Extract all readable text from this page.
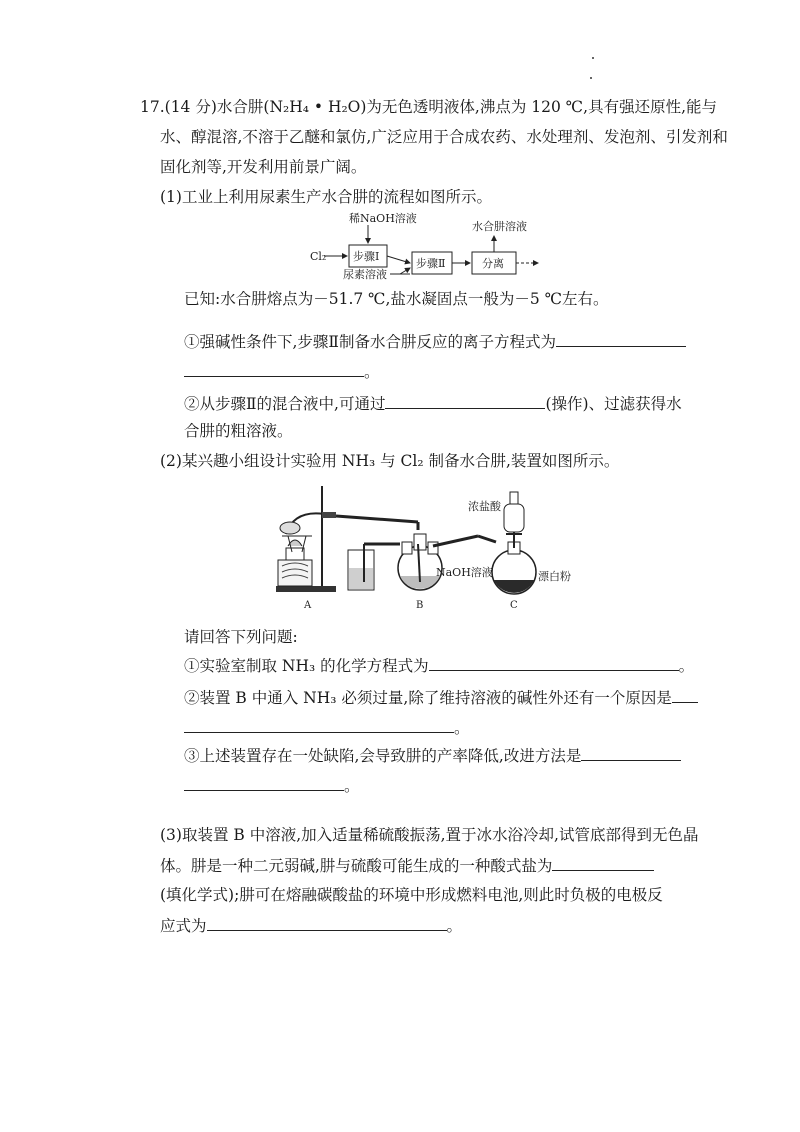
17.(14 分)水合肼(N₂H₄ • H₂O)为无色透明液体,沸点为 120 ℃,具有强还原性,能与
水、醇混溶,不溶于乙醚和氯仿,广泛应用于合成农药、水处理剂、发泡剂、引发剂和
固化剂等,开发利用前景广阔。
(1)工业上利用尿素生产水合肼的流程如图所示。
稀NaOH溶液
Cl₂ 步骤Ⅰ
尿素溶液
步骤Ⅱ	分离
水合肼溶液
已知:水合肼熔点为－51.7 ℃,盐水凝固点一般为－5 ℃左右。
①强碱性条件下,步骤Ⅱ制备水合肼反应的离子方程式为
。
②从步骤Ⅱ的混合液中,可通过	(操作)、过滤获得水
合肼的粗溶液。
(2)某兴趣小组设计实验用 NH₃ 与 Cl₂ 制备水合肼,装置如图所示。
浓盐酸
NaOH溶液	漂白粉
A	B	C
请回答下列问题:
①实验室制取 NH₃ 的化学方程式为	。
②装置 B 中通入 NH₃ 必须过量,除了维持溶液的碱性外还有一个原因是
。
③上述装置存在一处缺陷,会导致肼的产率降低,改进方法是
。
(3)取装置 B 中溶液,加入适量稀硫酸振荡,置于冰水浴冷却,试管底部得到无色晶
体。肼是一种二元弱碱,肼与硫酸可能生成的一种酸式盐为
(填化学式);肼可在熔融碳酸盐的环境中形成燃料电池,则此时负极的电极反
应式为	。
